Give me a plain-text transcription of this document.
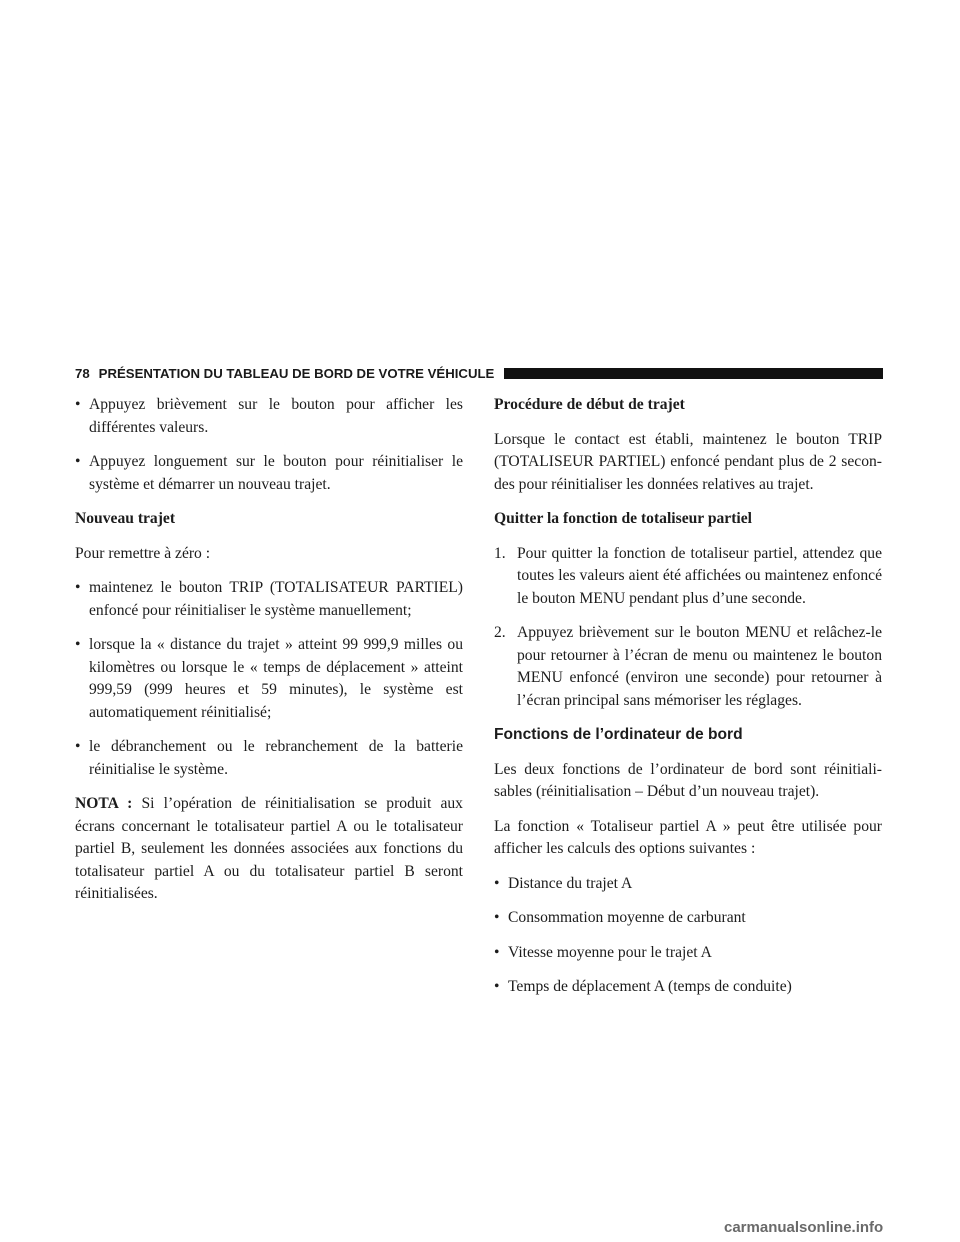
78 PRÉSENTATION DU TABLEAU DE BORD DE VOTRE VÉHICULE
• Appuyez brièvement sur le bouton pour afficher les différentes valeurs.
• Appuyez longuement sur le bouton pour réinitialiser le système et démarrer un nouveau trajet.

Nouveau trajet

Pour remettre à zéro :

• maintenez le bouton TRIP (TOTALISATEUR PARTIEL) enfoncé pour réinitialiser le système manuellement;
• lorsque la « distance du trajet » atteint 99 999,9 milles ou kilomètres ou lorsque le « temps de déplacement » atteint 999,59 (999 heures et 59 minutes), le système est automatiquement réinitialisé;
• le débranchement ou le rebranchement de la batterie réinitialise le système.

NOTA : Si l’opération de réinitialisation se produit aux écrans concernant le totalisateur partiel A ou le totalisateur partiel B, seulement les données associées aux fonctions du totalisateur partiel A ou du totalisateur partiel B seront réinitialisées.

Procédure de début de trajet

Lorsque le contact est établi, maintenez le bouton TRIP (TOTALISEUR PARTIEL) enfoncé pendant plus de 2 secon-des pour réinitialiser les données relatives au trajet.

Quitter la fonction de totaliseur partiel

1. Pour quitter la fonction de totaliseur partiel, attendez que toutes les valeurs aient été affichées ou maintenez enfoncé le bouton MENU pendant plus d’une seconde.
2. Appuyez brièvement sur le bouton MENU et relâchez-le pour retourner à l’écran de menu ou maintenez le bouton MENU enfoncé (environ une seconde) pour retourner à l’écran principal sans mémoriser les réglages.
Fonctions de l’ordinateur de bord

Les deux fonctions de l’ordinateur de bord sont réinitiali-sables (réinitialisation – Début d’un nouveau trajet).

La fonction « Totaliseur partiel A » peut être utilisée pour afficher les calculs des options suivantes :

• Distance du trajet A
• Consommation moyenne de carburant
• Vitesse moyenne pour le trajet A
• Temps de déplacement A (temps de conduite)
carmanualsonline.info
